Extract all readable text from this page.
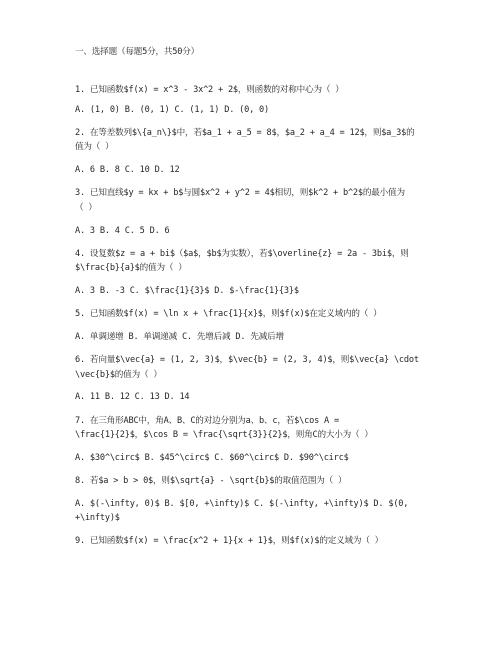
一、选择题（每题5分，共50分）
1. 已知函数$f(x) = x^3 - 3x^2 + 2$，则函数的对称中心为（ ）
A. (1, 0) B. (0, 1) C. (1, 1) D. (0, 0)
2. 在等差数列$\{a_n\}$中，若$a_1 + a_5 = 8$，$a_2 + a_4 = 12$，则$a_3$的
值为（ ）
A. 6 B. 8 C. 10 D. 12
3. 已知直线$y = kx + b$与圆$x^2 + y^2 = 4$相切，则$k^2 + b^2$的最小值为
（ ）
A. 3 B. 4 C. 5 D. 6
4. 设复数$z = a + bi$（$a$，$b$为实数），若$\overline{z} = 2a - 3bi$，则
$\frac{b}{a}$的值为（ ）
A. 3 B. -3 C. $\frac{1}{3}$ D. $-\frac{1}{3}$
5. 已知函数$f(x) = \ln x + \frac{1}{x}$，则$f(x)$在定义域内的（ ）
A. 单调递增 B. 单调递减 C. 先增后减 D. 先减后增
6. 若向量$\vec{a} = (1, 2, 3)$，$\vec{b} = (2, 3, 4)$，则$\vec{a} \cdot
\vec{b}$的值为（ ）
A. 11 B. 12 C. 13 D. 14
7. 在三角形ABC中，角A、B、C的对边分别为a、b、c，若$\cos A =
\frac{1}{2}$，$\cos B = \frac{\sqrt{3}}{2}$，则角C的大小为（ ）
A. $30^\circ$ B. $45^\circ$ C. $60^\circ$ D. $90^\circ$
8. 若$a > b > 0$，则$\sqrt{a} - \sqrt{b}$的取值范围为（ ）
A. $(-\infty, 0)$ B. $[0, +\infty)$ C. $(-\infty, +\infty)$ D. $(0,
+\infty)$
9. 已知函数$f(x) = \frac{x^2 + 1}{x + 1}$，则$f(x)$的定义域为（ ）
